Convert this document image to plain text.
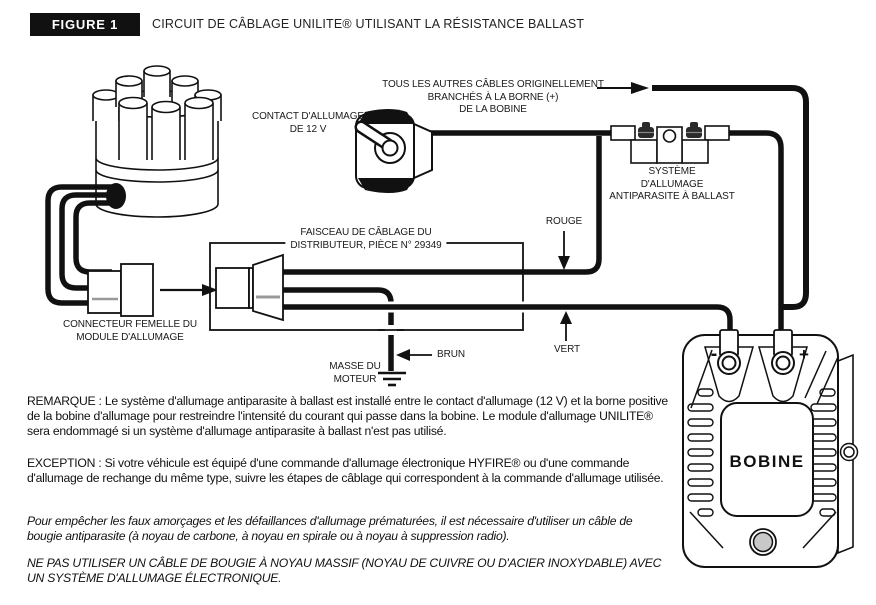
FIGURE 1	CIRCUIT DE CÂBLAGE UNILITE® UTILISANT LA RÉSISTANCE BALLAST
-	+
BOBINE
TOUS LES AUTRES CÂBLES ORIGINELLEMENT
BRANCHÉS À LA BORNE (+)
DE LA BOBINE
CONTACT D'ALLUMAGE
DE 12 V
SYSTÈME
D'ALLUMAGE
ANTIPARASITE À BALLAST
FAISCEAU DE CÂBLAGE DU
DISTRIBUTEUR, PIÈCE N° 29349
CONNECTEUR FEMELLE DU
MODULE D'ALLUMAGE
MASSE DU
MOTEUR
ROUGE
VERT
BRUN
REMARQUE : Le système d'allumage antiparasite à ballast est installé entre le contact d'allumage (12 V) et la borne positive de la bobine d'allumage pour restreindre l'intensité du courant qui passe dans la bobine. Le module d'allumage UNILITE® sera endommagé si un système d'allumage antiparasite à ballast n'est pas utilisé.
EXCEPTION : Si votre véhicule est équipé d'une commande d'allumage électronique HYFIRE® ou d'une commande d'allumage de rechange du même type, suivre les étapes de câblage qui correspondent à la commande d'allumage utilisée.
Pour empêcher les faux amorçages et les défaillances d'allumage prématurées, il est nécessaire d'utiliser un câble de bougie antiparasite (à noyau de carbone, à noyau en spirale ou à noyau à suppression radio).
NE PAS UTILISER UN CÂBLE DE BOUGIE À NOYAU MASSIF (NOYAU DE CUIVRE OU D'ACIER INOXYDABLE) AVEC UN SYSTÈME D'ALLUMAGE ÉLECTRONIQUE.
